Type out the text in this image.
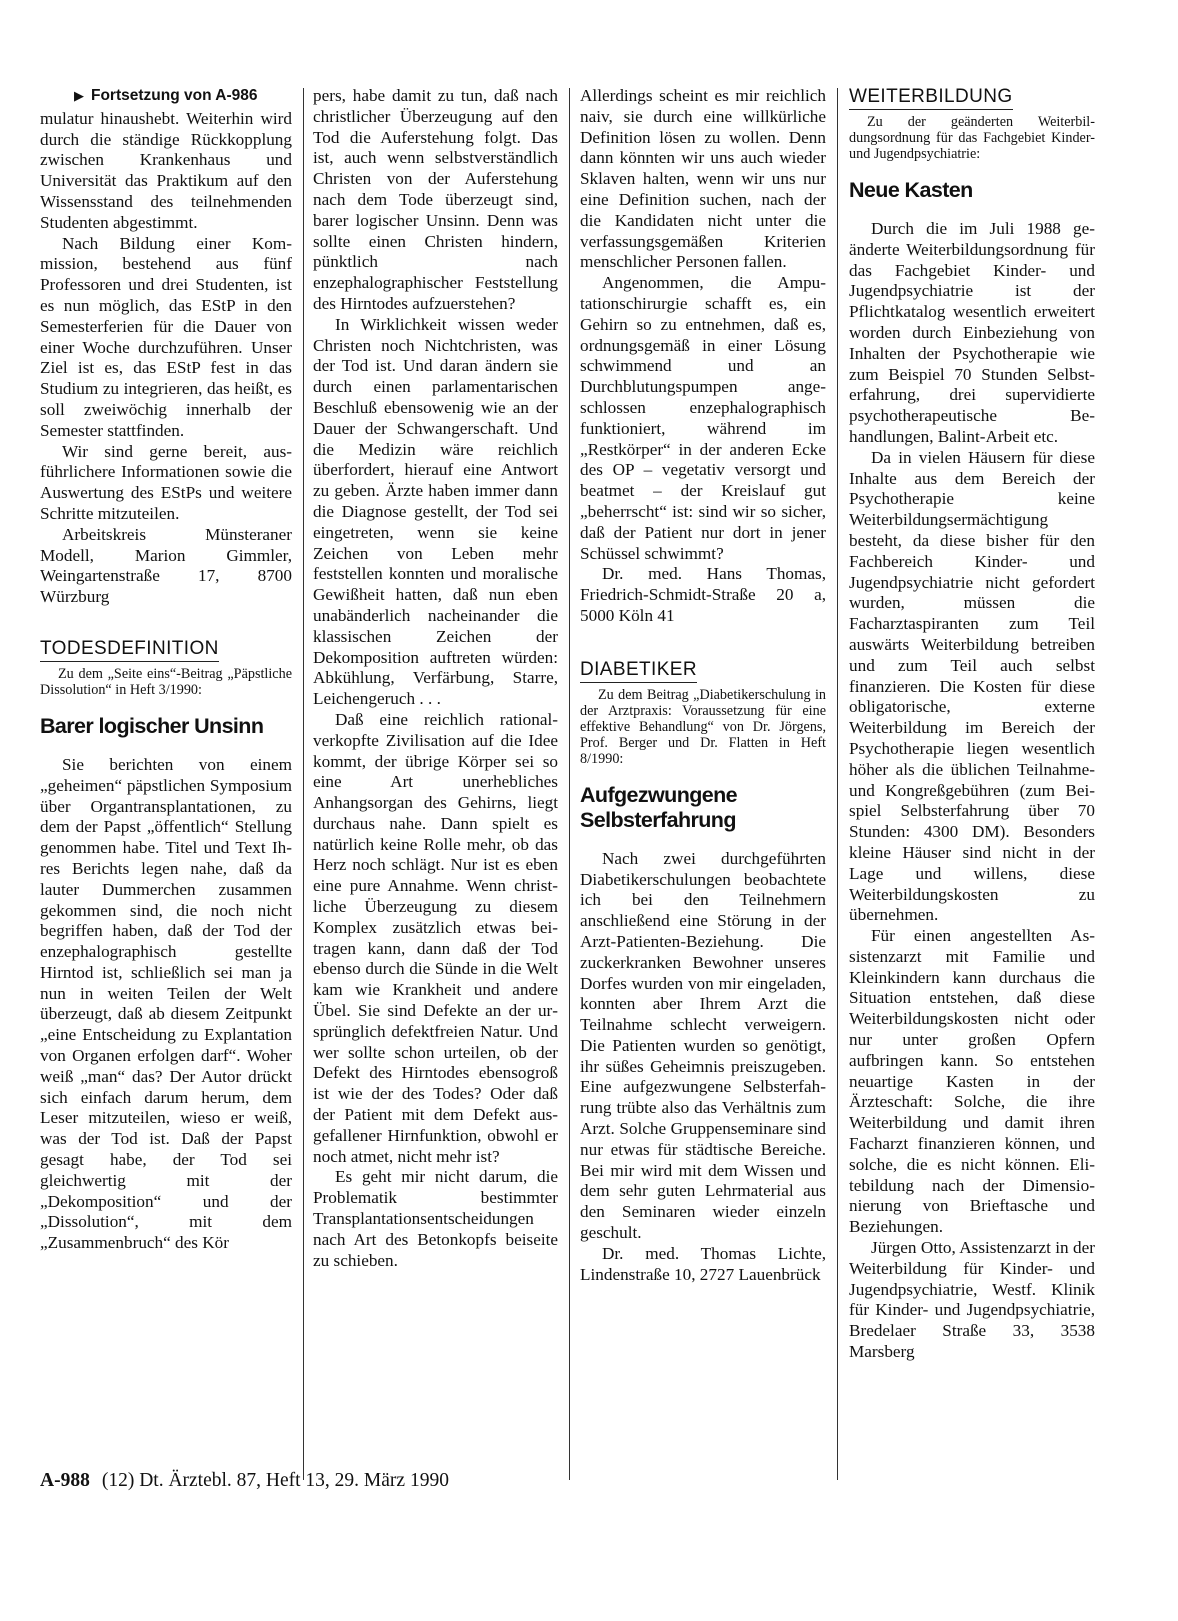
▶ Fortsetzung von A-986

mulatur hinaushebt. Weiterhin wird durch die ständige Rückkopplung zwischen Krankenhaus und Universität das Praktikum auf den Wissensstand des teilnehmenden Studenten abgestimmt.

Nach Bildung einer Kommission, bestehend aus fünf Professoren und drei Studenten, ist es nun möglich, das EStP in den Semesterferien für die Dauer von einer Woche durchzuführen. Unser Ziel ist es, das EStP fest in das Studium zu integrieren, das heißt, es soll zweiwöchig innerhalb der Semester stattfinden.

Wir sind gerne bereit, ausführlichere Informationen sowie die Auswertung des EStPs und weitere Schritte mitzuteilen.

Arbeitskreis Münsteraner Modell, Marion Gimmler, Weingartenstraße 17, 8700 Würzburg

TODESDEFINITION
Zu dem „Seite eins“-Beitrag „Päpstliche Dissolution“ in Heft 3/1990:
Barer logischer Unsinn

Sie berichten von einem „geheimen“ päpstlichen Symposium über Organtransplantationen, zu dem der Papst „öffentlich“ Stellung genommen habe. Titel und Text Ihres Berichts legen nahe, daß da lauter Dummerchen zusammen gekommen sind, die noch nicht begriffen haben, daß der Tod der enzephalographisch gestellte Hirntod ist, schließlich sei man ja nun in weiten Teilen der Welt überzeugt, daß ab diesem Zeitpunkt „eine Entscheidung zu Explantation von Organen erfolgen darf“. Woher weiß „man“ das? Der Autor drückt sich einfach darum herum, dem Leser mitzuteilen, wieso er weiß, was der Tod ist. Daß der Papst gesagt habe, der Tod sei gleichwertig mit der „Dekomposition“ und der „Dissolution“, mit dem „Zusammenbruch“ des Kör

pers, habe damit zu tun, daß nach christlicher Überzeugung auf den Tod die Auferstehung folgt. Das ist, auch wenn selbstverständlich Christen von der Auferstehung nach dem Tode überzeugt sind, barer logischer Unsinn. Denn was sollte einen Christen hindern, pünktlich nach enzephalographischer Feststellung des Hirntodes aufzuerstehen?

In Wirklichkeit wissen weder Christen noch Nichtchristen, was der Tod ist. Und daran ändern sie durch einen parlamentarischen Beschluß ebensowenig wie an der Dauer der Schwangerschaft. Und die Medizin wäre reichlich überfordert, hierauf eine Antwort zu geben. Ärzte haben immer dann die Diagnose gestellt, der Tod sei eingetreten, wenn sie keine Zeichen von Leben mehr feststellen konnten und moralische Gewißheit hatten, daß nun eben unabänderlich nacheinander die klassischen Zeichen der Dekomposition auftreten würden: Abkühlung, Verfärbung, Starre, Leichengeruch . . .

Daß eine reichlich rational-verkopfte Zivilisation auf die Idee kommt, der übrige Körper sei so eine Art unerhebliches Anhangsorgan des Gehirns, liegt durchaus nahe. Dann spielt es natürlich keine Rolle mehr, ob das Herz noch schlägt. Nur ist es eben eine pure Annahme. Wenn christliche Überzeugung zu diesem Komplex zusätzlich etwas beitragen kann, dann daß der Tod ebenso durch die Sünde in die Welt kam wie Krankheit und andere Übel. Sie sind Defekte an der ursprünglich defektfreien Natur. Und wer sollte schon urteilen, ob der Defekt des Hirntodes ebensogroß ist wie der des Todes? Oder daß der Patient mit dem Defekt ausgefallener Hirnfunktion, obwohl er noch atmet, nicht mehr ist?

Es geht mir nicht darum, die Problematik bestimmter Transplantationsentscheidungen nach Art des Betonkopfs beiseite zu schieben.

Allerdings scheint es mir reichlich naiv, sie durch eine willkürliche Definition lösen zu wollen. Denn dann könnten wir uns auch wieder Sklaven halten, wenn wir uns nur eine Definition suchen, nach der die Kandidaten nicht unter die verfassungsgemäßen Kriterien menschlicher Personen fallen.

Angenommen, die Amputationschirurgie schafft es, ein Gehirn so zu entnehmen, daß es, ordnungsgemäß in einer Lösung schwimmend und an Durchblutungspumpen angeschlossen enzephalographisch funktioniert, während im „Restkörper“ in der anderen Ecke des OP – vegetativ versorgt und beatmet – der Kreislauf gut „beherrscht“ ist: sind wir so sicher, daß der Patient nur dort in jener Schüssel schwimmt?

Dr. med. Hans Thomas, Friedrich-Schmidt-Straße 20 a, 5000 Köln 41

DIABETIKER
Zu dem Beitrag „Diabetikerschulung in der Arztpraxis: Voraussetzung für eine effektive Behandlung“ von Dr. Jörgens, Prof. Berger und Dr. Flatten in Heft 8/1990:
Aufgezwungene Selbsterfahrung

Nach zwei durchgeführten Diabetikerschulungen beobachtete ich bei den Teilnehmern anschließend eine Störung in der Arzt-Patienten-Beziehung. Die zuckerkranken Bewohner unseres Dorfes wurden von mir eingeladen, konnten aber Ihrem Arzt die Teilnahme schlecht verweigern. Die Patienten wurden so genötigt, ihr süßes Geheimnis preiszugeben. Eine aufgezwungene Selbsterfahrung trübte also das Verhältnis zum Arzt. Solche Gruppenseminare sind nur etwas für städtische Bereiche. Bei mir wird mit dem Wissen und dem sehr guten Lehrmaterial aus den Seminaren wieder einzeln geschult.

Dr. med. Thomas Lichte, Lindenstraße 10, 2727 Lauenbrück

WEITERBILDUNG
Zu der geänderten Weiterbildungsordnung für das Fachgebiet Kinder- und Jugendpsychiatrie:
Neue Kasten

Durch die im Juli 1988 geänderte Weiterbildungsordnung für das Fachgebiet Kinder- und Jugendpsychiatrie ist der Pflichtkatalog wesentlich erweitert worden durch Einbeziehung von Inhalten der Psychotherapie wie zum Beispiel 70 Stunden Selbsterfahrung, drei supervidierte psychotherapeutische Behandlungen, Balint-Arbeit etc.

Da in vielen Häusern für diese Inhalte aus dem Bereich der Psychotherapie keine Weiterbildungsermächtigung besteht, da diese bisher für den Fachbereich Kinder- und Jugendpsychiatrie nicht gefordert wurden, müssen die Facharztaspiranten zum Teil auswärts Weiterbildung betreiben und zum Teil auch selbst finanzieren. Die Kosten für diese obligatorische, externe Weiterbildung im Bereich der Psychotherapie liegen wesentlich höher als die üblichen Teilnahme- und Kongreßgebühren (zum Beispiel Selbsterfahrung über 70 Stunden: 4300 DM). Besonders kleine Häuser sind nicht in der Lage und willens, diese Weiterbildungskosten zu übernehmen.

Für einen angestellten Assistenzarzt mit Familie und Kleinkindern kann durchaus die Situation entstehen, daß diese Weiterbildungskosten nicht oder nur unter großen Opfern aufbringen kann. So entstehen neuartige Kasten in der Ärzteschaft: Solche, die ihre Weiterbildung und damit ihren Facharzt finanzieren können, und solche, die es nicht können. Elitebildung nach der Dimensionierung von Brieftasche und Beziehungen.

Jürgen Otto, Assistenzarzt in der Weiterbildung für Kinder- und Jugendpsychiatrie, Westf. Klinik für Kinder- und Jugendpsychiatrie, Bredelaer Straße 33, 3538 Marsberg

A-988 (12) Dt. Ärztebl. 87, Heft 13, 29. März 1990
